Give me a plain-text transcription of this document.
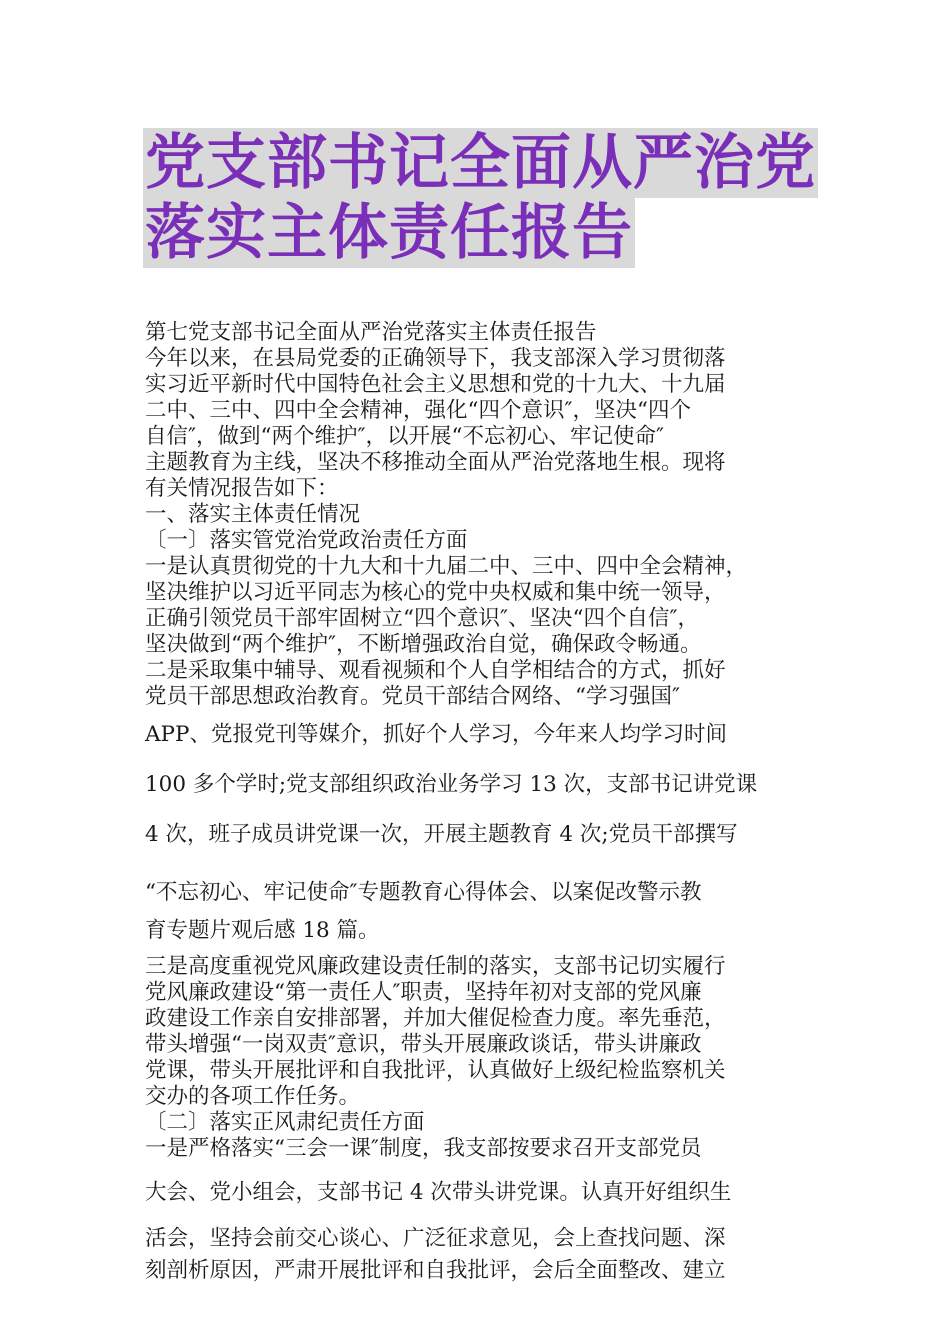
党支部书记全面从严治党
落实主体责任报告
第七党支部书记全面从严治党落实主体责任报告
今年以来，在县局党委的正确领导下，我支部深入学习贯彻落
实习近平新时代中国特色社会主义思想和党的十九大、十九届
二中、三中、四中全会精神，强化“四个意识″，坚决“四个
自信″，做到“两个维护″，以开展“不忘初心、牢记使命″
主题教育为主线，坚决不移推动全面从严治党落地生根。现将
有关情况报告如下：
一、落实主体责任情况
〔一〕落实管党治党政治责任方面
一是认真贯彻党的十九大和十九届二中、三中、四中全会精神，
坚决维护以习近平同志为核心的党中央权威和集中统一领导，
正确引领党员干部牢固树立“四个意识″、坚决“四个自信″，
坚决做到“两个维护″，不断增强政治自觉，确保政令畅通。
二是采取集中辅导、观看视频和个人自学相结合的方式，抓好
党员干部思想政治教育。党员干部结合网络、“学习强国″
APP、党报党刊等媒介，抓好个人学习，今年来人均学习时间
100 多个学时;党支部组织政治业务学习 13 次，支部书记讲党课
4 次，班子成员讲党课一次，开展主题教育 4 次;党员干部撰写
“不忘初心、牢记使命″专题教育心得体会、以案促改警示教
育专题片观后感 18 篇。
三是高度重视党风廉政建设责任制的落实，支部书记切实履行
党风廉政建设“第一责任人″职责，坚持年初对支部的党风廉
政建设工作亲自安排部署，并加大催促检查力度。率先垂范，
带头增强“一岗双责″意识，带头开展廉政谈话，带头讲廉政
党课，带头开展批评和自我批评，认真做好上级纪检监察机关
交办的各项工作任务。
〔二〕落实正风肃纪责任方面
一是严格落实“三会一课″制度，我支部按要求召开支部党员
大会、党小组会，支部书记 4 次带头讲党课。认真开好组织生
活会，坚持会前交心谈心、广泛征求意见，会上查找问题、深
刻剖析原因，严肃开展批评和自我批评，会后全面整改、建立
